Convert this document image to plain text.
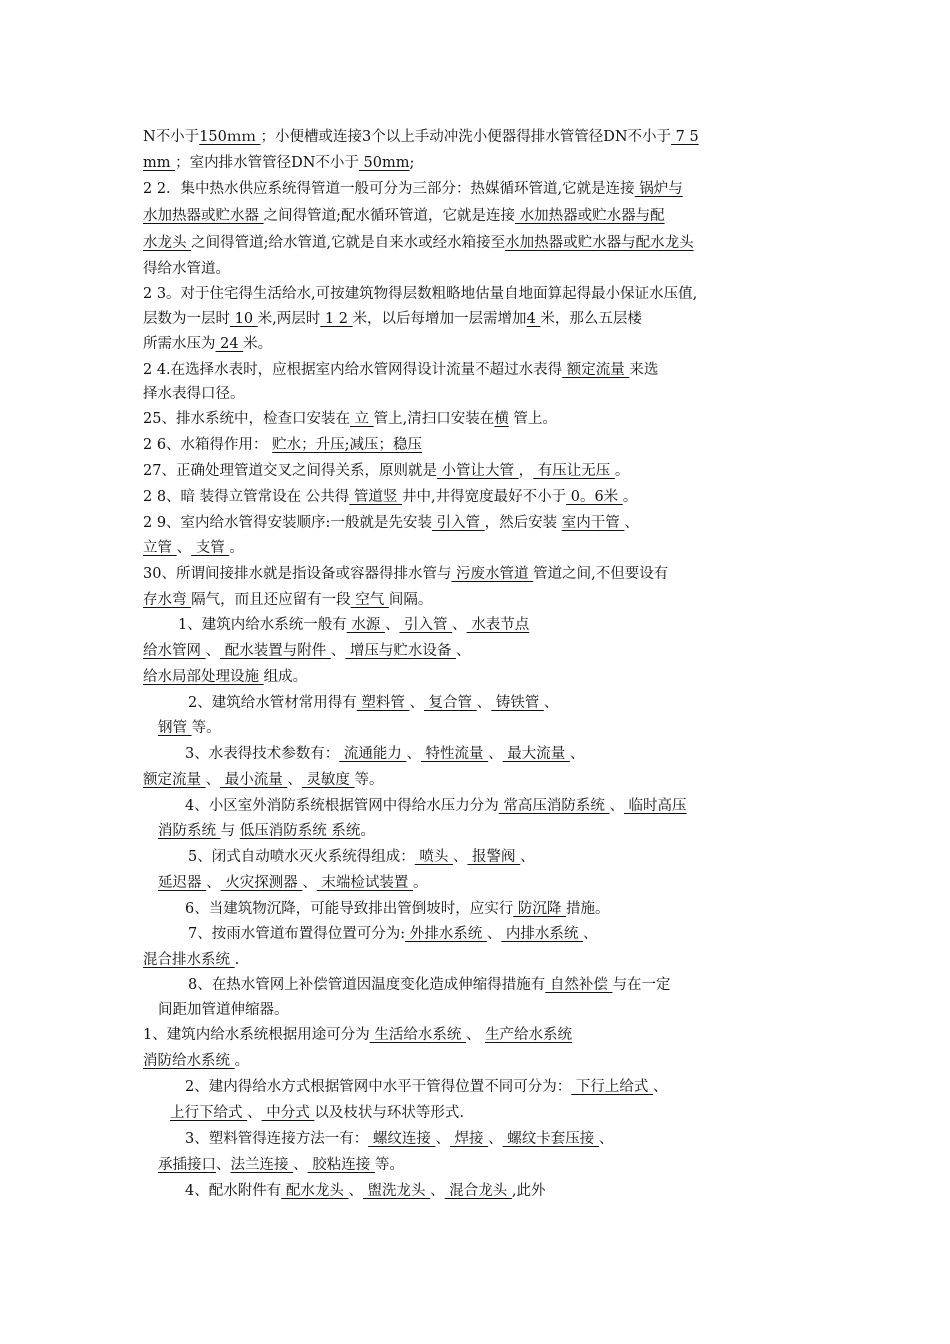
N不小于150ｍｍ ；小便槽或连接3个以上手动冲洗小便器得排水管管径DN不小于 7 5
mm ；室内排水管管径DN不小于 50mm;
2 2．集中热水供应系统得管道一般可分为三部分：热媒循环管道,它就是连接 锅炉与
水加热器或贮水器 之间得管道;配水循环管道，它就是连接 水加热器或贮水器与配
水龙头 之间得管道;给水管道,它就是自来水或经水箱接至水加热器或贮水器与配水龙头
得给水管道。
2 3。对于住宅得生活给水,可按建筑物得层数粗略地估量自地面算起得最小保证水压值,
层数为一层时 10 米,两层时 1 2 米，以后每增加一层需增加4 米，那么五层楼
所需水压为 24 米。
2 4.在选择水表时，应根据室内给水管网得设计流量不超过水表得 额定流量 来选
择水表得口径。
25、排水系统中，检查口安装在 立 管上,清扫口安装在横 管上。
2 6、水箱得作用： 贮水；升压;减压；稳压
27、正确处理管道交叉之间得关系，原则就是 小管让大管 ， 有压让无压 。
2 8、暗 装得立管常设在 公共得 管道竖 井中,井得宽度最好不小于 0。6米 。
2 9、室内给水管得安装顺序:一般就是先安装 引入管 ，然后安装 室内干管 、
立管 、 支管 。
30、所谓间接排水就是指设备或容器得排水管与 污废水管道 管道之间,不但要设有
存水弯 隔气，而且还应留有一段 空气 间隔。
1、建筑内给水系统一般有 水源 、 引入管 、 水表节点
给水管网 、 配水装置与附件 、 增压与贮水设备 、
给水局部处理设施 组成。
2、建筑给水管材常用得有 塑料管 、 复合管 、 铸铁管 、
钢管 等。
3、水表得技术参数有： 流通能力 、 特性流量 、 最大流量 、
额定流量 、 最小流量 、 灵敏度 等。
4、小区室外消防系统根据管网中得给水压力分为 常高压消防系统 、 临时高压
消防系统 与 低压消防系统 系统。
5、闭式自动喷水灭火系统得组成： 喷头 、 报警阀 、
延迟器 、 火灾探测器 、 末端检试装置 。
6、当建筑物沉降，可能导致排出管倒坡时，应实行 防沉降 措施。
7、按雨水管道布置得位置可分为: 外排水系统 、 内排水系统 、
混合排水系统 .
8、在热水管网上补偿管道因温度变化造成伸缩得措施有 自然补偿 与在一定
间距加管道伸缩器。
1、建筑内给水系统根据用途可分为 生活给水系统 、 生产给水系统
消防给水系统 。
2、建内得给水方式根据管网中水平干管得位置不同可分为： 下行上给式 、
上行下给式 、 中分式 以及枝状与环状等形式.
3、塑料管得连接方法一有： 螺纹连接 、 焊接 、 螺纹卡套压接 、
承插接口、法兰连接 、 胶粘连接 等。
4、配水附件有 配水龙头 、 盥洗龙头 、 混合龙头 ,此外
